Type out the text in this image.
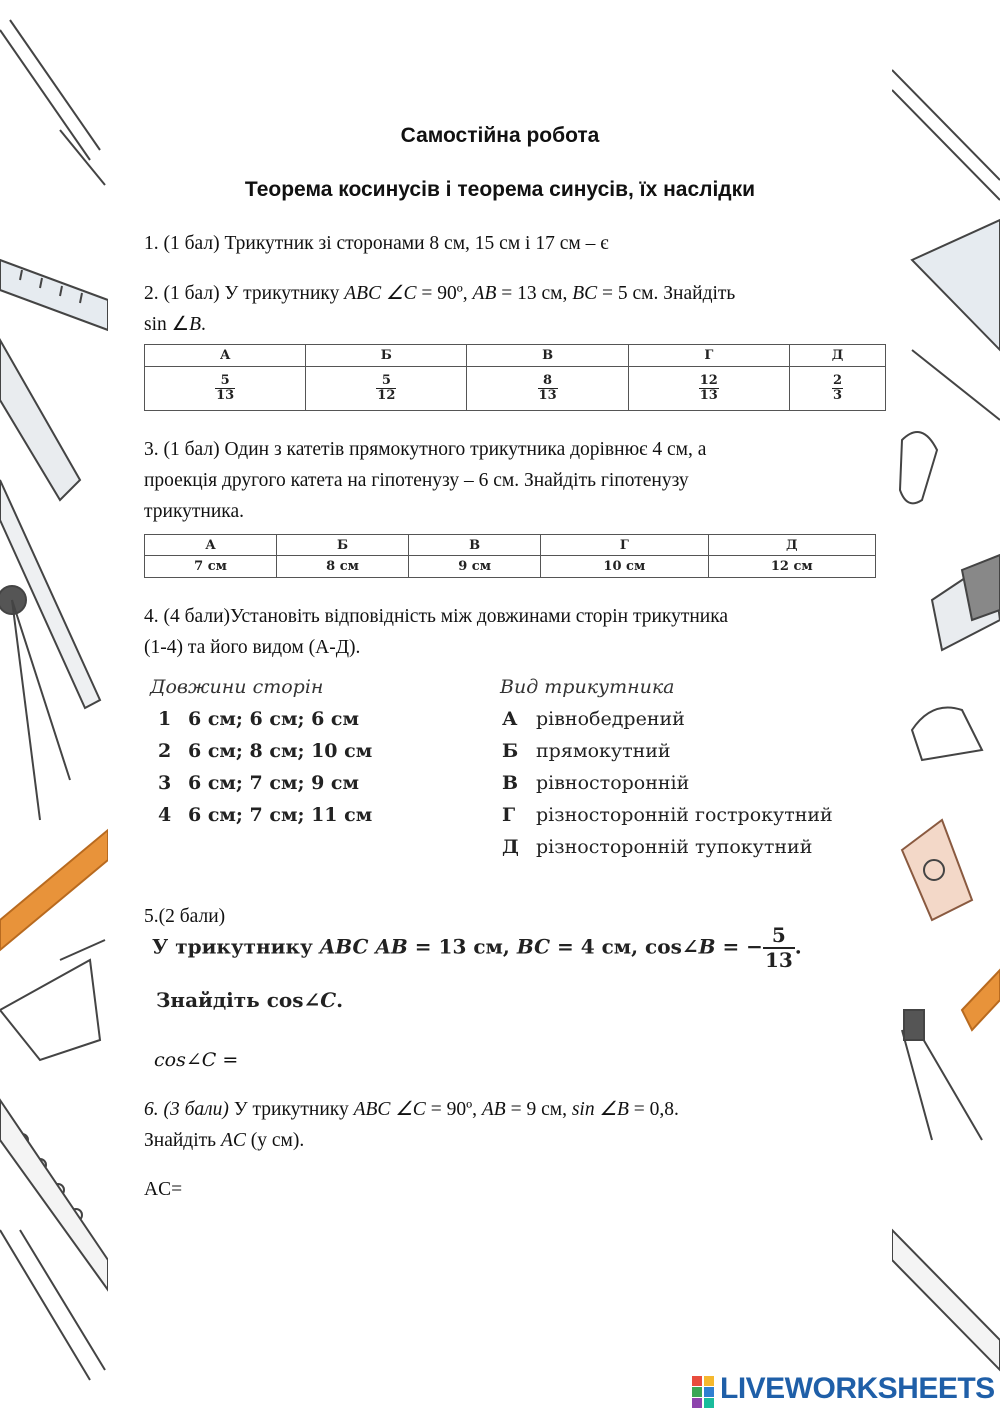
Самостійна робота
Теорема косинусів і теорема синусів, їх наслідки
1. (1 бал) Трикутник зі сторонами 8 см, 15 см і 17 см – є
2. (1 бал) У трикутнику ABC ∠C = 90º, AB = 13 см, BC = 5 см. Знайдіть
sin ∠B.
А	Б	В	Г	Д

$\frac{5}{13}$	$\frac{5}{12}$	$\frac{8}{13}$	$\frac{12}{13}$	$\frac{2}{3}$
3. (1 бал) Один з катетів прямокутного трикутника дорівнює 4 см, а
проекція другого катета на гіпотенузу – 6 см. Знайдіть гіпотенузу
трикутника.
А	Б	В	Г	Д
7 см	8 см	9 см	10 см	12 см
4. (4 бали)Установіть відповідність між довжинами сторін трикутника
(1-4) та його видом (А-Д).
Довжини сторін	Вид трикутника
1 6 см; 6 см; 6 см
2 6 см; 8 см; 10 см
3 6 см; 7 см; 9 см
4 6 см; 7 см; 11 см
А рівнобедрений
Б прямокутний
В рівносторонній
Г різносторонній гострокутний
Д різносторонній тупокутний
5.(2 бали)
У трикутнику ABC AB = 13 см, BC = 4 см, cos∠B = − $\frac{5}{13}$ .
Знайдіть cos∠C.
cos∠C =
6. (3 бали) У трикутнику ABC ∠C = 90º, AB = 9 см, sin ∠B = 0,8.
Знайдіть AC (у см).
AC=
LIVEWORKSHEETS
